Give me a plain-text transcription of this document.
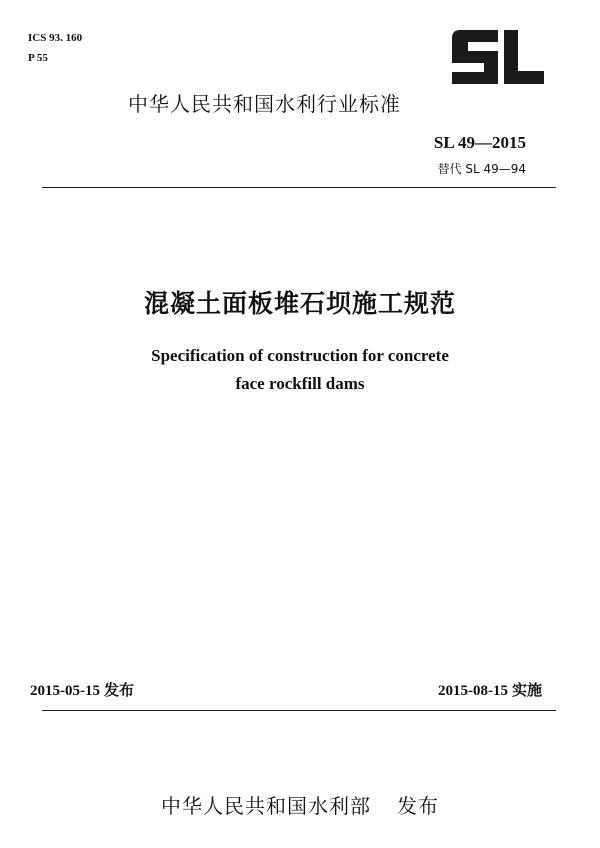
ICS 93. 160
P 55
中华人民共和国水利行业标准
SL 49—2015
替代 SL 49—94
混凝土面板堆石坝施工规范
Specification of construction for concrete
face rockfill dams
2015-05-15 发布	2015-08-15 实施
中华人民共和国水利部 发布
